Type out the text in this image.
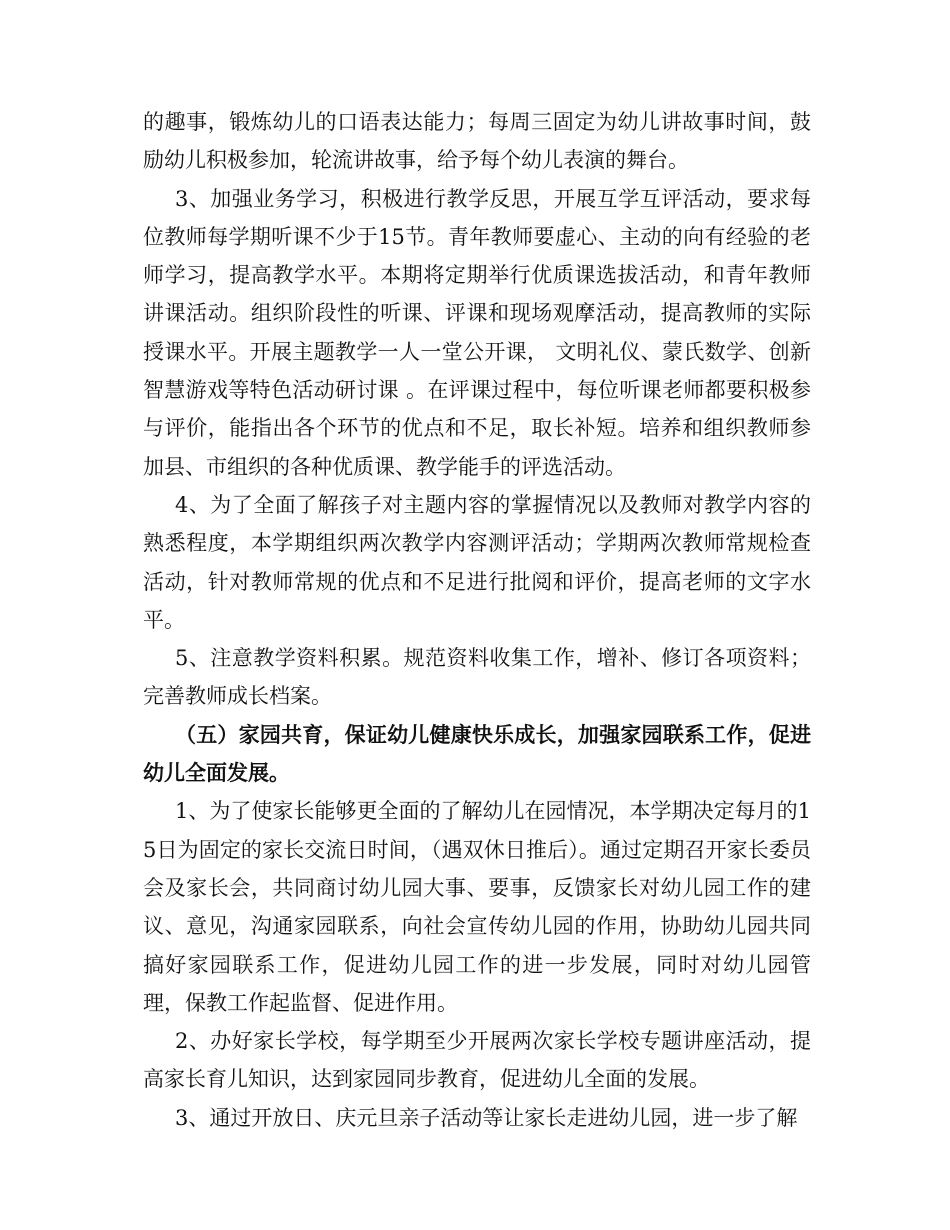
的趣事，锻炼幼儿的口语表达能力；每周三固定为幼儿讲故事时间，鼓励幼儿积极参加，轮流讲故事，给予每个幼儿表演的舞台。

3、加强业务学习，积极进行教学反思，开展互学互评活动，要求每位教师每学期听课不少于15节。青年教师要虚心、主动的向有经验的老师学习，提高教学水平。本期将定期举行优质课选拔活动，和青年教师讲课活动。组织阶段性的听课、评课和现场观摩活动，提高教师的实际授课水平。开展主题教学一人一堂公开课， 文明礼仪、蒙氏数学、创新智慧游戏等特色活动研讨课 。在评课过程中，每位听课老师都要积极参与评价，能指出各个环节的优点和不足，取长补短。培养和组织教师参加县、市组织的各种优质课、教学能手的评选活动。

4、为了全面了解孩子对主题内容的掌握情况以及教师对教学内容的熟悉程度，本学期组织两次教学内容测评活动；学期两次教师常规检查活动，针对教师常规的优点和不足进行批阅和评价，提高老师的文字水平。

5、注意教学资料积累。规范资料收集工作，增补、修订各项资料；完善教师成长档案。

（五）家园共育，保证幼儿健康快乐成长，加强家园联系工作，促进幼儿全面发展。

1、为了使家长能够更全面的了解幼儿在园情况，本学期决定每月的15日为固定的家长交流日时间，（遇双休日推后）。通过定期召开家长委员会及家长会，共同商讨幼儿园大事、要事，反馈家长对幼儿园工作的建议、意见，沟通家园联系，向社会宣传幼儿园的作用，协助幼儿园共同搞好家园联系工作，促进幼儿园工作的进一步发展，同时对幼儿园管理，保教工作起监督、促进作用。

2、办好家长学校，每学期至少开展两次家长学校专题讲座活动，提高家长育儿知识，达到家园同步教育，促进幼儿全面的发展。

3、通过开放日、庆元旦亲子活动等让家长走进幼儿园，进一步了解
